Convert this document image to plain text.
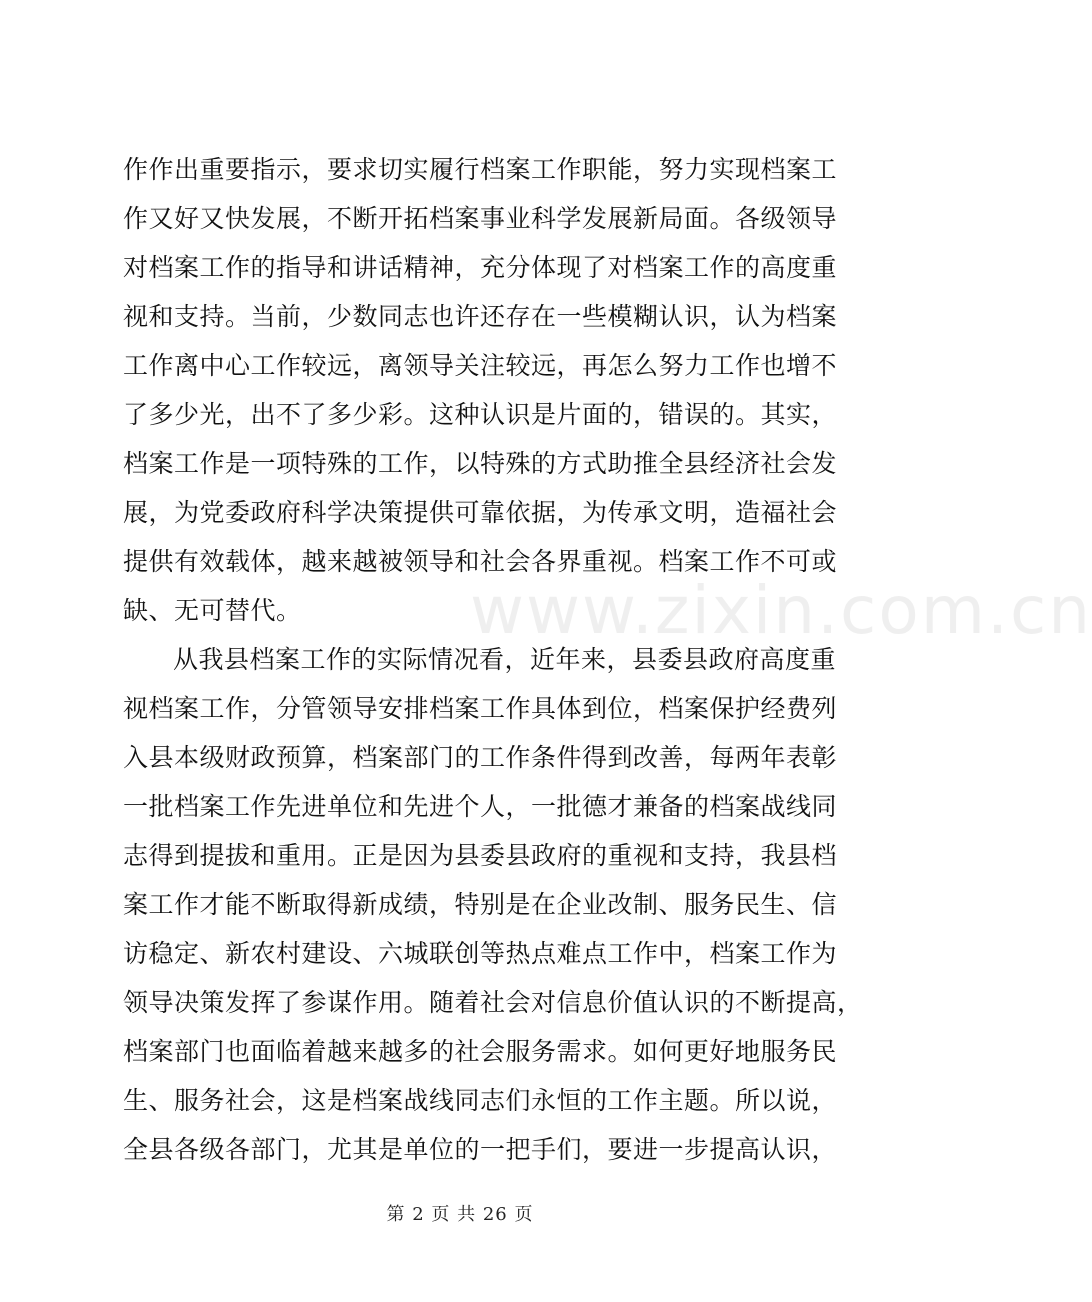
作作出重要指示，要求切实履行档案工作职能，努力实现档案工
作又好又快发展，不断开拓档案事业科学发展新局面。各级领导
对档案工作的指导和讲话精神，充分体现了对档案工作的高度重
视和支持。当前，少数同志也许还存在一些模糊认识，认为档案
工作离中心工作较远，离领导关注较远，再怎么努力工作也增不
了多少光，出不了多少彩。这种认识是片面的，错误的。其实，
档案工作是一项特殊的工作，以特殊的方式助推全县经济社会发
展，为党委政府科学决策提供可靠依据，为传承文明，造福社会
提供有效载体，越来越被领导和社会各界重视。档案工作不可或
缺、无可替代。
从我县档案工作的实际情况看，近年来，县委县政府高度重
视档案工作，分管领导安排档案工作具体到位，档案保护经费列
入县本级财政预算，档案部门的工作条件得到改善，每两年表彰
一批档案工作先进单位和先进个人，一批德才兼备的档案战线同
志得到提拔和重用。正是因为县委县政府的重视和支持，我县档
案工作才能不断取得新成绩，特别是在企业改制、服务民生、信
访稳定、新农村建设、六城联创等热点难点工作中，档案工作为
领导决策发挥了参谋作用。随着社会对信息价值认识的不断提高，
档案部门也面临着越来越多的社会服务需求。如何更好地服务民
生、服务社会，这是档案战线同志们永恒的工作主题。所以说，
全县各级各部门，尤其是单位的一把手们，要进一步提高认识，
www.zixin.com.cn
第 2 页 共 26 页
